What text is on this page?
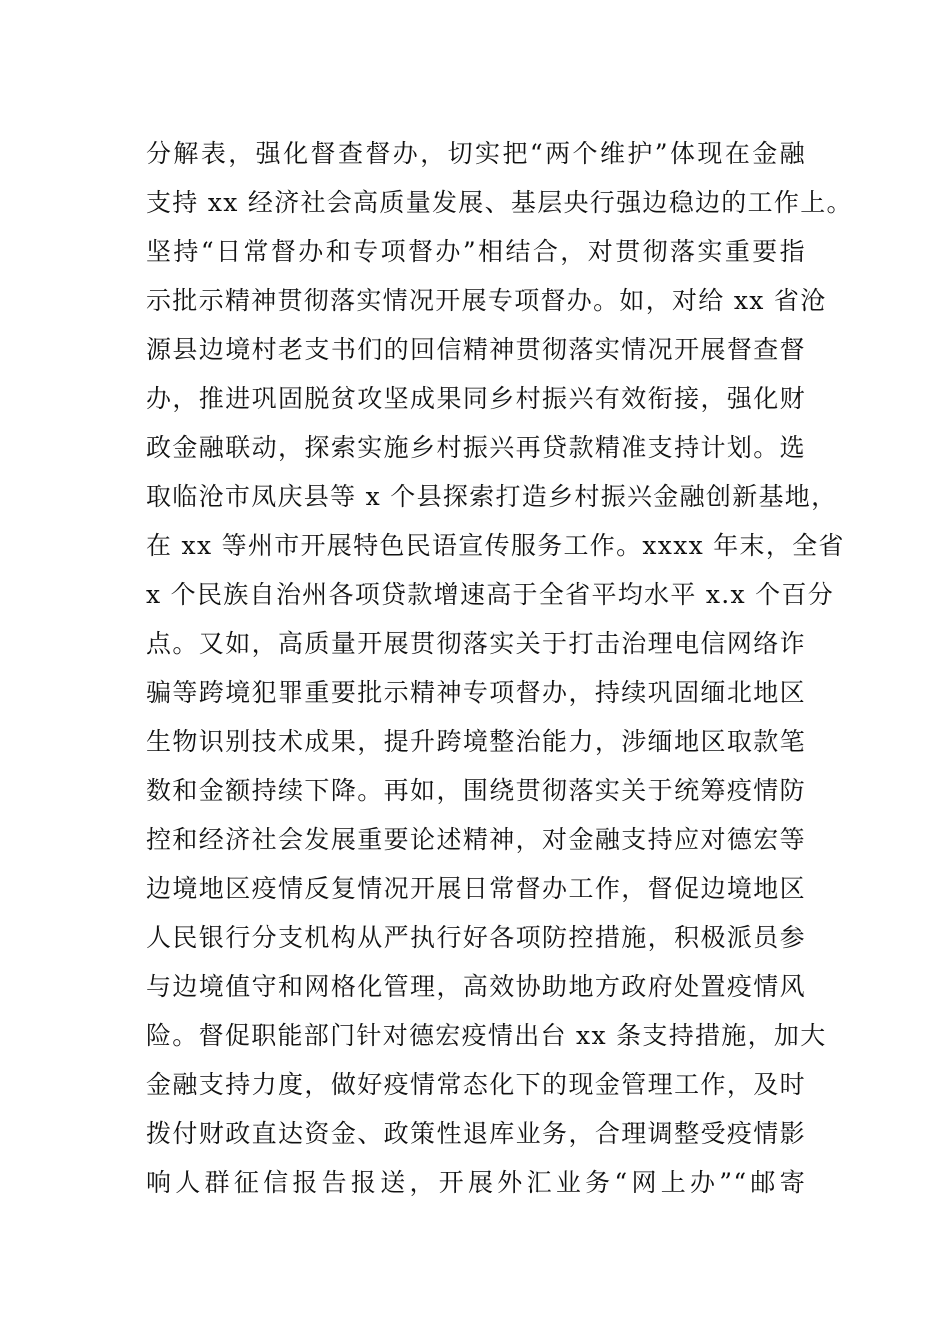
分解表，强化督查督办，切实把“两个维护”体现在金融
支持 xx 经济社会高质量发展、基层央行强边稳边的工作上。
坚持“日常督办和专项督办”相结合，对贯彻落实重要指
示批示精神贯彻落实情况开展专项督办。如，对给 xx 省沧
源县边境村老支书们的回信精神贯彻落实情况开展督查督
办，推进巩固脱贫攻坚成果同乡村振兴有效衔接，强化财
政金融联动，探索实施乡村振兴再贷款精准支持计划。选
取临沧市凤庆县等 x 个县探索打造乡村振兴金融创新基地，
在 xx 等州市开展特色民语宣传服务工作。xxxx 年末，全省
x 个民族自治州各项贷款增速高于全省平均水平 x.x 个百分
点。又如，高质量开展贯彻落实关于打击治理电信网络诈
骗等跨境犯罪重要批示精神专项督办，持续巩固缅北地区
生物识别技术成果，提升跨境整治能力，涉缅地区取款笔
数和金额持续下降。再如，围绕贯彻落实关于统筹疫情防
控和经济社会发展重要论述精神，对金融支持应对德宏等
边境地区疫情反复情况开展日常督办工作，督促边境地区
人民银行分支机构从严执行好各项防控措施，积极派员参
与边境值守和网格化管理，高效协助地方政府处置疫情风
险。督促职能部门针对德宏疫情出台 xx 条支持措施，加大
金融支持力度，做好疫情常态化下的现金管理工作，及时
拨付财政直达资金、政策性退库业务，合理调整受疫情影
响人群征信报告报送，开展外汇业务“网上办”“邮寄
